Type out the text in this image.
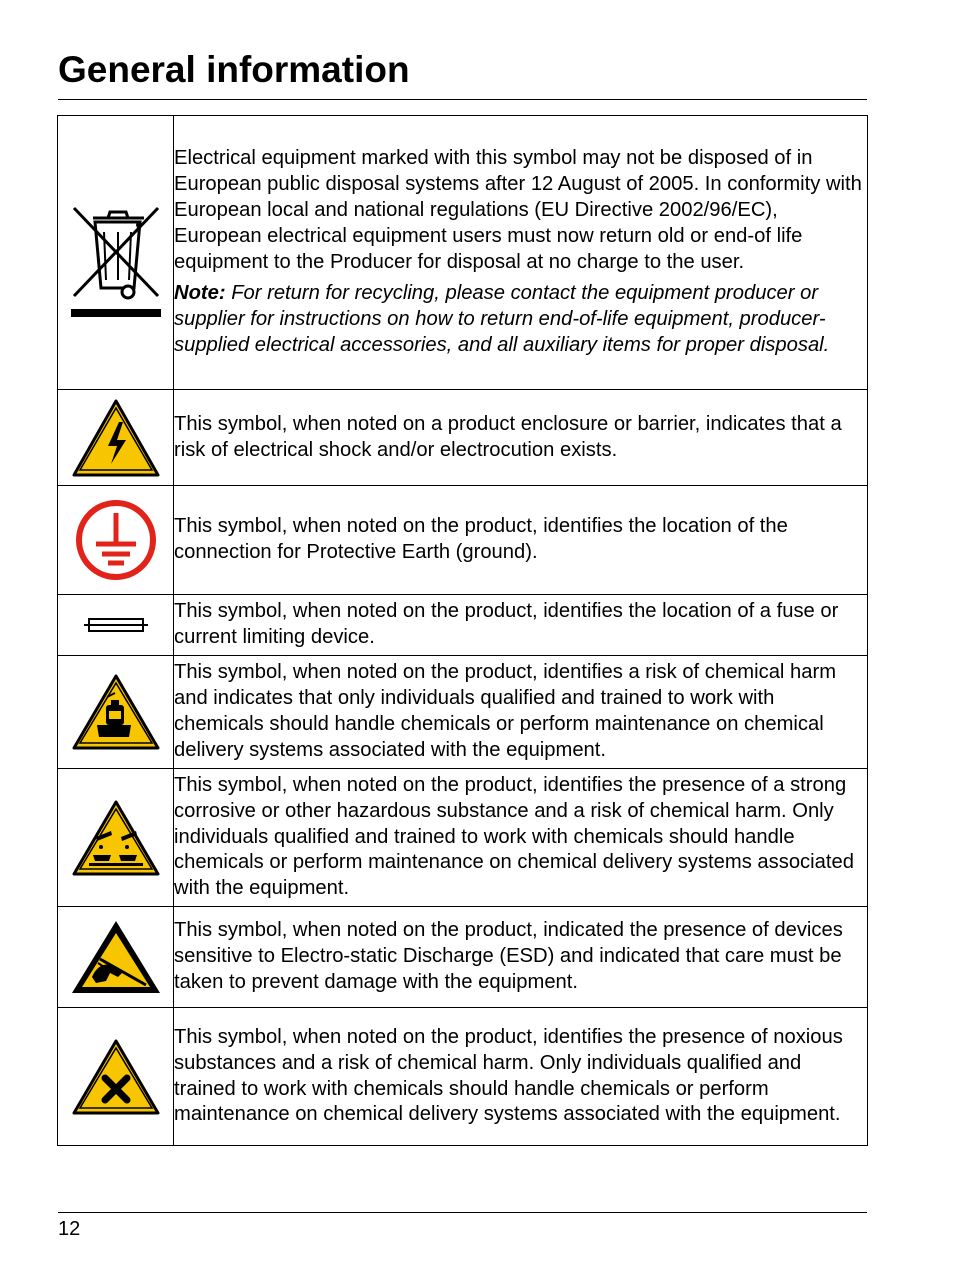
General information

Electrical equipment marked with this symbol may not be disposed of in European public disposal systems after 12 August of 2005. In conformity with European local and national regulations (EU Directive 2002/96/EC), European electrical equipment users must now return old or end-of life equipment to the Producer for disposal at no charge to the user.

Note: For return for recycling, please contact the equipment producer or supplier for instructions on how to return end-of-life equipment, producer-supplied electrical accessories, and all auxiliary items for proper disposal.

This symbol, when noted on a product enclosure or barrier, indicates that a risk of electrical shock and/or electrocution exists.

This symbol, when noted on the product, identifies the location of the connection for Protective Earth (ground).

This symbol, when noted on the product, identifies the location of a fuse or current limiting device.

This symbol, when noted on the product, identifies a risk of chemical harm and indicates that only individuals qualified and trained to work with chemicals should handle chemicals or perform maintenance on chemical delivery systems associated with the equipment.

This symbol, when noted on the product, identifies the presence of a strong corrosive or other hazardous substance and a risk of chemical harm. Only individuals qualified and trained to work with chemicals should handle chemicals or perform maintenance on chemical delivery systems associated with the equipment.

This symbol, when noted on the product, indicated the presence of devices sensitive to Electro-static Discharge (ESD) and indicated that care must be taken to prevent damage with the equipment.

This symbol, when noted on the product, identifies the presence of noxious substances and a risk of chemical harm. Only individuals qualified and trained to work with chemicals should handle chemicals or perform maintenance on chemical delivery systems associated with the equipment.

12
